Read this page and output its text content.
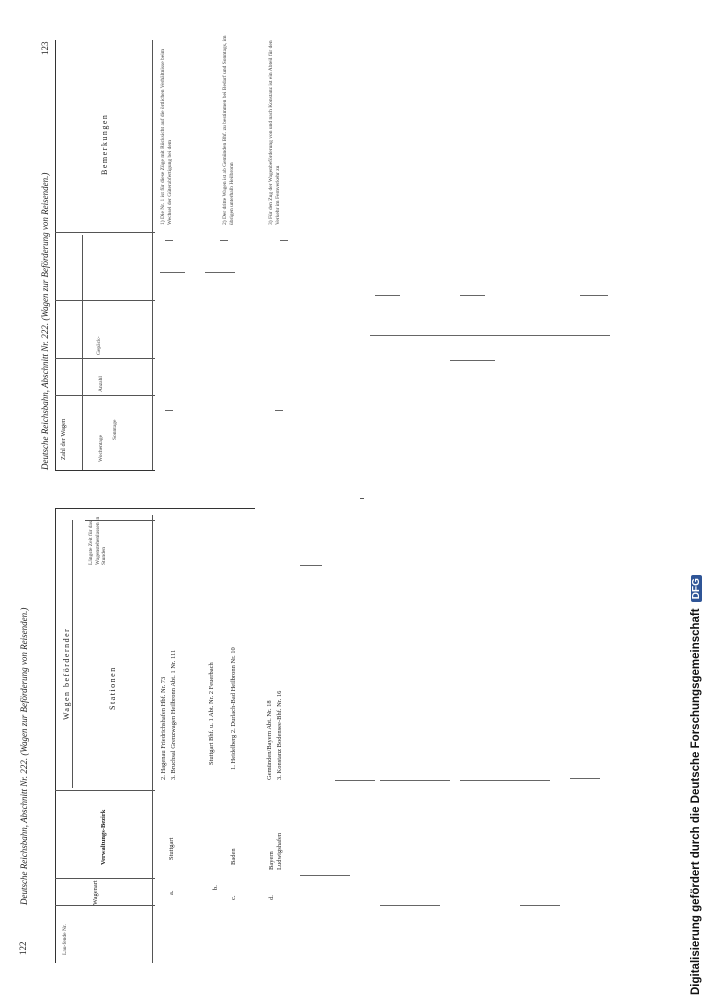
122
Deutsche Reichsbahn, Abschnitt Nr. 222. (Wagen zur Beförderung von Reisenden.)
Lau-fende Nr.
Wagenart
Verwaltungs-Bezirk
Wagen befördernder	Stationen
Längste Zeit für das Wagenstehenlassen in Stunden
a.
Stuttgart
2. Hagenau Friedrichshafen Hbf. Nr. 73 3. Bruchsal Grenzwagen Heilbronn Abt. 1 Nr. 111
b.
Stuttgart Bhf. u. 1 Abt. Nr. 2 Feuerbach
c.
Baden
1. Heidelberg 2. Durlach-Bad Heilbronn Nr. 10
d.
Bayern Ludwigshafen
Gemünden/Bayern Abt. Nr. 18 3. Konstanz Bodensee-Bhf. Nr. 16
Deutsche Reichsbahn, Abschnitt Nr. 222. (Wagen zur Beförderung von Reisenden.)
123
Zahl der Wagen	Wochentage
Sonntage
Anzahl
Gepäck-
Bemerkungen	1) Die Nr. 1 ist für diese Züge mit Rücksicht auf die örtlichen Verhältnisse beim Wechsel der Güterabfertigung bei dem	2) Der dritte Wagen ist ab Gemünden Bhf. zu bestimmen bei Bedarf und Sonntags, im übrigen unterhalb Heilbronn	3) Für den Zug der Wagenbeförderung von und nach Konstanz ist ein Abteil für den Verkehr im Fernverkehr zu
Digitalisierung gefördert durch die Deutsche Forschungsgemeinschaft DFG
